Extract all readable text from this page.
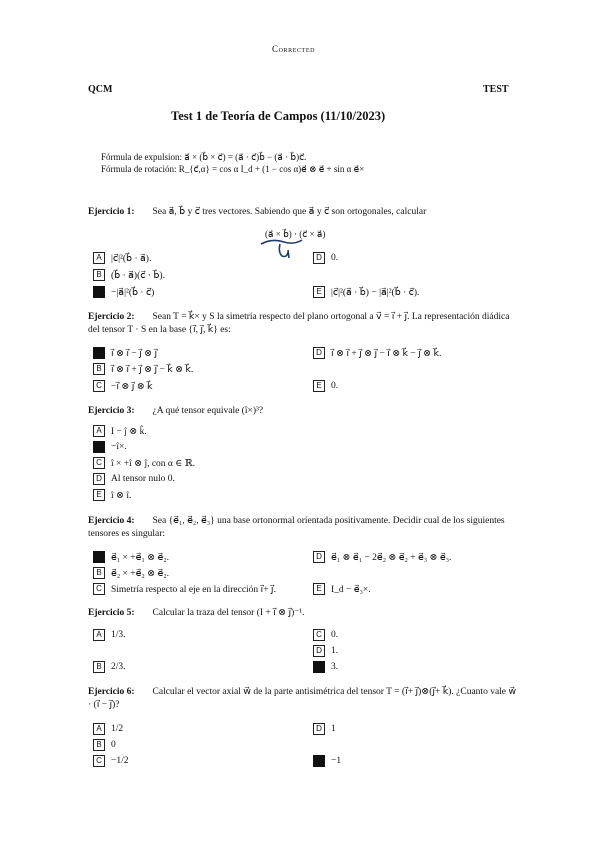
Corrected
QCM	TEST
Test 1 de Teoría de Campos (11/10/2023)
Fórmula de expulsion: a⃗ × (b⃗ × c⃗) = (a⃗ · c⃗)b⃗ − (a⃗ · b⃗)c⃗.
Fórmula de rotación: R_{c⃗,α} = cos α I_d + (1 − cos α)e⃗ ⊗ e⃗ + sin α e⃗×
Ejercicio 1: Sea a⃗, b⃗ y c⃗ tres vectores. Sabiendo que a⃗ y c⃗ son ortogonales, calcular
(a⃗ × b⃗) · (c⃗ × a⃗)
A |c⃗|²(b⃗ · a⃗).
B (b⃗ · a⃗)(c⃗ · b⃗).
−|a⃗|²(b⃗ · c⃗)
D 0.
E |c⃗|²(a⃗ · b⃗) − |a⃗|²(b⃗ · c⃗).
Ejercicio 2: Sean T = k⃗× y S la simetría respecto del plano ortogonal a v⃗ = i⃗ + j⃗. La representación diádica del tensor T · S en la base {i⃗, j⃗, k⃗} es:
i⃗ ⊗ i⃗ − j⃗ ⊗ j⃗
B i⃗ ⊗ i⃗ + j⃗ ⊗ j⃗ − k⃗ ⊗ k⃗.
C −i⃗ ⊗ j⃗ ⊗ k⃗
D i⃗ ⊗ i⃗ + j⃗ ⊗ j⃗ − i⃗ ⊗ k⃗ − j⃗ ⊗ k⃗.
E 0.
Ejercicio 3: ¿A qué tensor equivale (î×)³?
A I − ĵ ⊗ k̂.
−î×.
C î × +î ⊗ ĵ, con α ∈ ℝ.
D Al tensor nulo 0.
E î ⊗ î.
Ejercicio 4: Sea {e⃗₁, e⃗₂, e⃗₃} una base ortonormal orientada positivamente. Decidir cual de los siguientes tensores es singular:
e⃗₁ × +e⃗₁ ⊗ e⃗₂.
B e⃗₂ × +e⃗₂ ⊗ e⃗₂.
C Simetría respecto al eje en la dirección i⃗+ j⃗.
D e⃗₁ ⊗ e⃗₁ − 2e⃗₂ ⊗ e⃗₂ + e⃗₃ ⊗ e⃗₃.
E I_d − e⃗₃×.
Ejercicio 5: Calcular la traza del tensor (I + i⃗ ⊗ j⃗)⁻¹.
A 1/3.
B 2/3.
C 0.
D 1.
3.
Ejercicio 6: Calcular el vector axial w⃗ de la parte antisimétrica del tensor T = (i⃗+ j⃗)⊗(j⃗+ k⃗). ¿Cuanto vale w⃗ · (i⃗ − j⃗)?
A 1/2
B 0
C −1/2
D 1
−1
